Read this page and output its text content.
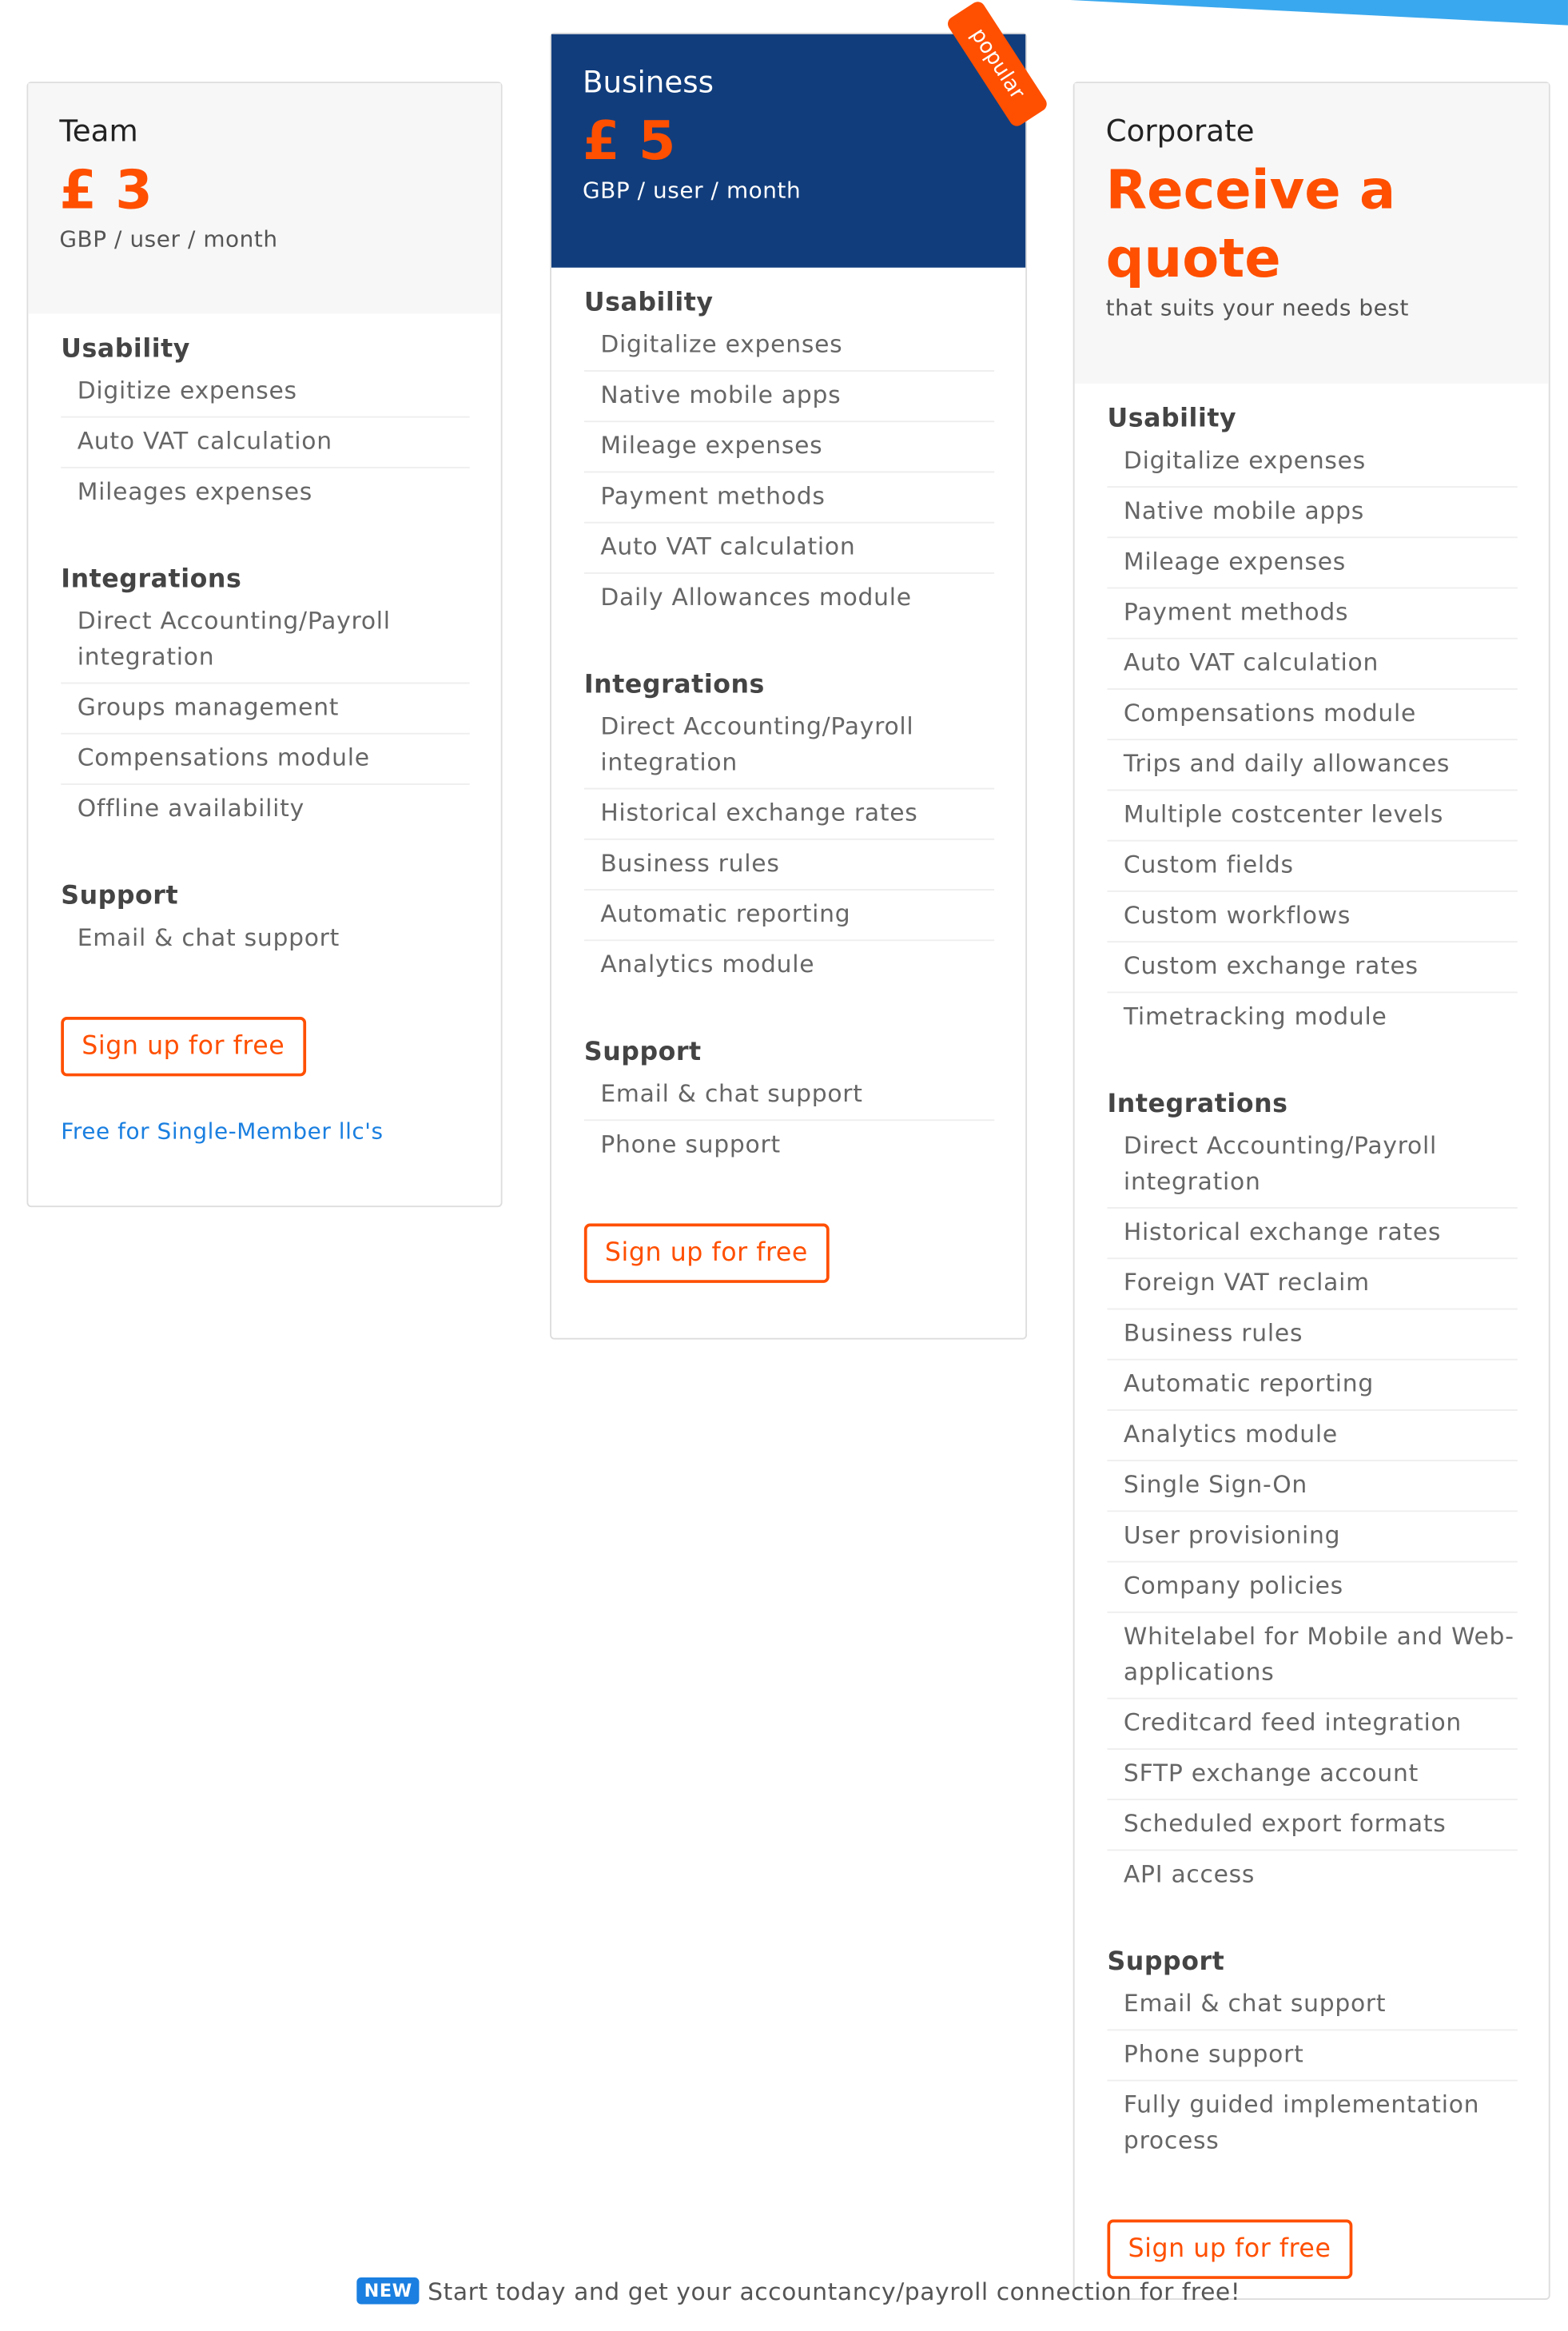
Team
£ 3
GBP / user / month
Usability
Digitize expenses
Auto VAT calculation
Mileages expenses
Integrations
Direct Accounting/Payroll integration
Groups management
Compensations module
Offline availability
Support
Email & chat support
Sign up for free
Free for Single-Member llc's
popular
Business
£ 5
GBP / user / month
Usability
Digitalize expenses
Native mobile apps
Mileage expenses
Payment methods
Auto VAT calculation
Daily Allowances module
Integrations
Direct Accounting/Payroll integration
Historical exchange rates
Business rules
Automatic reporting
Analytics module
Support
Email & chat support
Phone support
Sign up for free
Corporate
Receive a quote
that suits your needs best
Usability
Digitalize expenses
Native mobile apps
Mileage expenses
Payment methods
Auto VAT calculation
Compensations module
Trips and daily allowances
Multiple costcenter levels
Custom fields
Custom workflows
Custom exchange rates
Timetracking module
Integrations
Direct Accounting/Payroll integration
Historical exchange rates
Foreign VAT reclaim
Business rules
Automatic reporting
Analytics module
Single Sign-On
User provisioning
Company policies
Whitelabel for Mobile and Web-applications
Creditcard feed integration
SFTP exchange account
Scheduled export formats
API access
Support
Email & chat support
Phone support
Fully guided implementation process
Sign up for free
NEW Start today and get your accountancy/payroll connection for free!
